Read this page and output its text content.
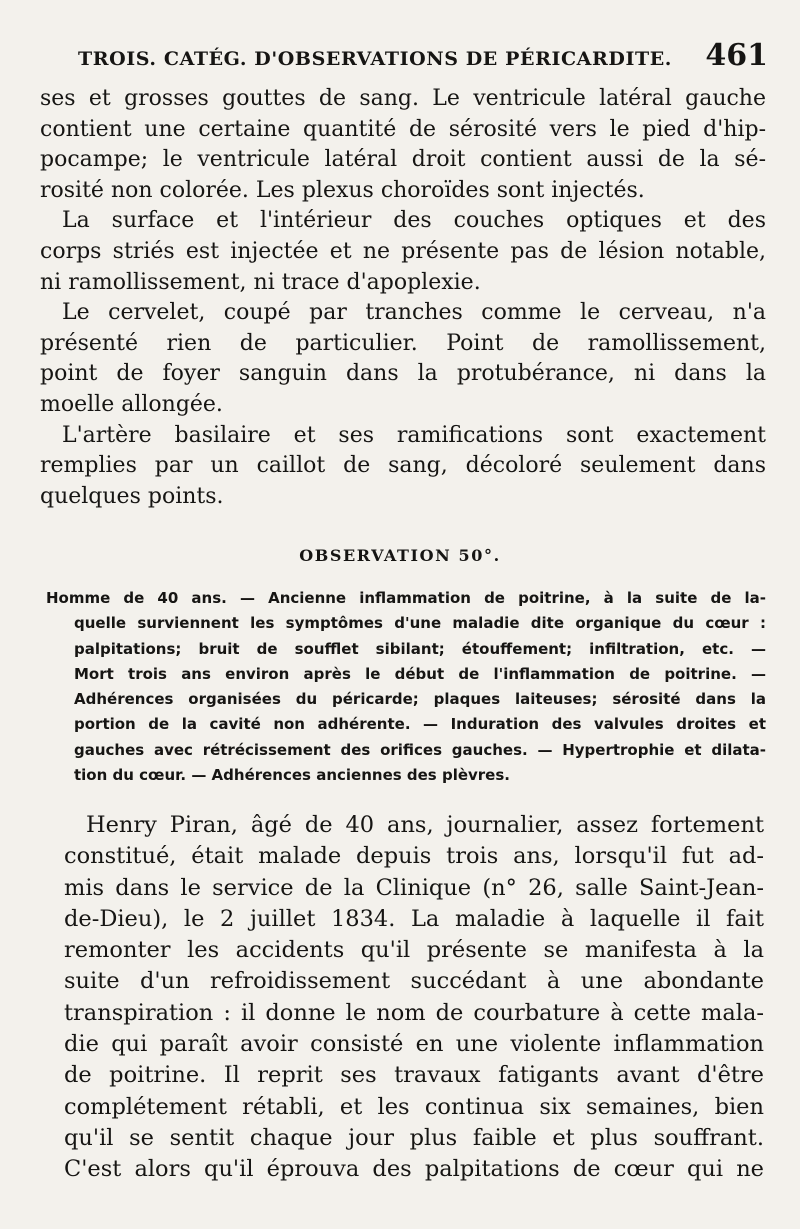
TROIS. CATÉG. D'OBSERVATIONS DE PÉRICARDITE. 461
ses et grosses gouttes de sang. Le ventricule latéral gauche
contient une certaine quantité de sérosité vers le pied d'hip-
pocampe; le ventricule latéral droit contient aussi de la sé-
rosité non colorée. Les plexus choroïdes sont injectés.
La surface et l'intérieur des couches optiques et des
corps striés est injectée et ne présente pas de lésion notable,
ni ramollissement, ni trace d'apoplexie.
Le cervelet, coupé par tranches comme le cerveau, n'a
présenté rien de particulier. Point de ramollissement,
point de foyer sanguin dans la protubérance, ni dans la
moelle allongée.
L'artère basilaire et ses ramifications sont exactement
remplies par un caillot de sang, décoloré seulement dans
quelques points.
OBSERVATION 50°.
Homme de 40 ans. — Ancienne inflammation de poitrine, à la suite de la-
quelle surviennent les symptômes d'une maladie dite organique du cœur :
palpitations; bruit de soufflet sibilant; étouffement; infiltration, etc. —
Mort trois ans environ après le début de l'inflammation de poitrine. —
Adhérences organisées du péricarde; plaques laiteuses; sérosité dans la
portion de la cavité non adhérente. — Induration des valvules droites et
gauches avec rétrécissement des orifices gauches. — Hypertrophie et dilata-
tion du cœur. — Adhérences anciennes des plèvres.
Henry Piran, âgé de 40 ans, journalier, assez fortement
constitué, était malade depuis trois ans, lorsqu'il fut ad-
mis dans le service de la Clinique (n° 26, salle Saint-Jean-
de-Dieu), le 2 juillet 1834. La maladie à laquelle il fait
remonter les accidents qu'il présente se manifesta à la
suite d'un refroidissement succédant à une abondante
transpiration : il donne le nom de courbature à cette mala-
die qui paraît avoir consisté en une violente inflammation
de poitrine. Il reprit ses travaux fatigants avant d'être
complétement rétabli, et les continua six semaines, bien
qu'il se sentit chaque jour plus faible et plus souffrant.
C'est alors qu'il éprouva des palpitations de cœur qui ne
